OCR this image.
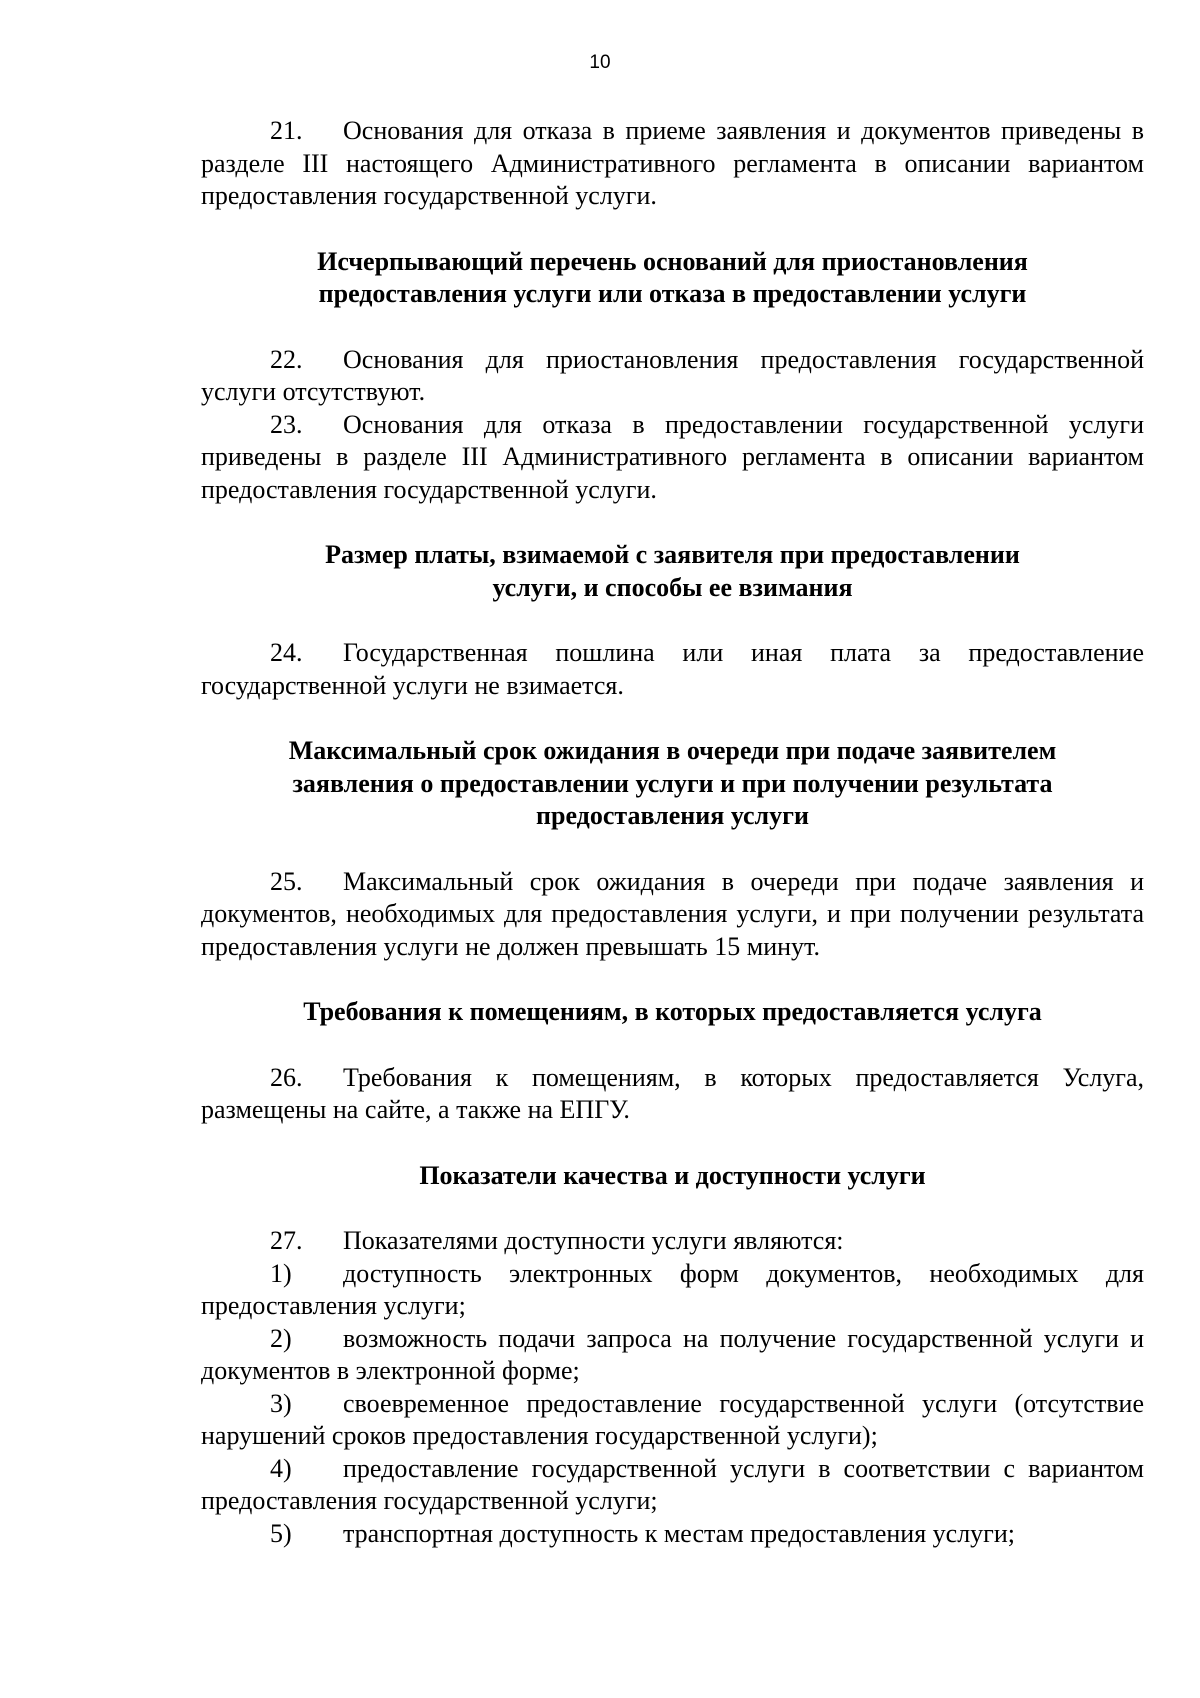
10

21. Основания для отказа в приеме заявления и документов приведены в разделе III настоящего Административного регламента в описании вариантом предоставления государственной услуги.

Исчерпывающий перечень оснований для приостановления
предоставления услуги или отказа в предоставлении услуги

22. Основания для приостановления предоставления государственной услуги отсутствуют.

23. Основания для отказа в предоставлении государственной услуги приведены в разделе III Административного регламента в описании вариантом предоставления государственной услуги.

Размер платы, взимаемой с заявителя при предоставлении
услуги, и способы ее взимания

24. Государственная пошлина или иная плата за предоставление государственной услуги не взимается.

Максимальный срок ожидания в очереди при подаче заявителем
заявления о предоставлении услуги и при получении результата
предоставления услуги

25. Максимальный срок ожидания в очереди при подаче заявления и документов, необходимых для предоставления услуги, и при получении результата предоставления услуги не должен превышать 15 минут.

Требования к помещениям, в которых предоставляется услуга

26. Требования к помещениям, в которых предоставляется Услуга, размещены на сайте, а также на ЕПГУ.

Показатели качества и доступности услуги

27. Показателями доступности услуги являются:

1) доступность электронных форм документов, необходимых для предоставления услуги;

2) возможность подачи запроса на получение государственной услуги и документов в электронной форме;

3) своевременное предоставление государственной услуги (отсутствие нарушений сроков предоставления государственной услуги);

4) предоставление государственной услуги в соответствии с вариантом предоставления государственной услуги;

5) транспортная доступность к местам предоставления услуги;
